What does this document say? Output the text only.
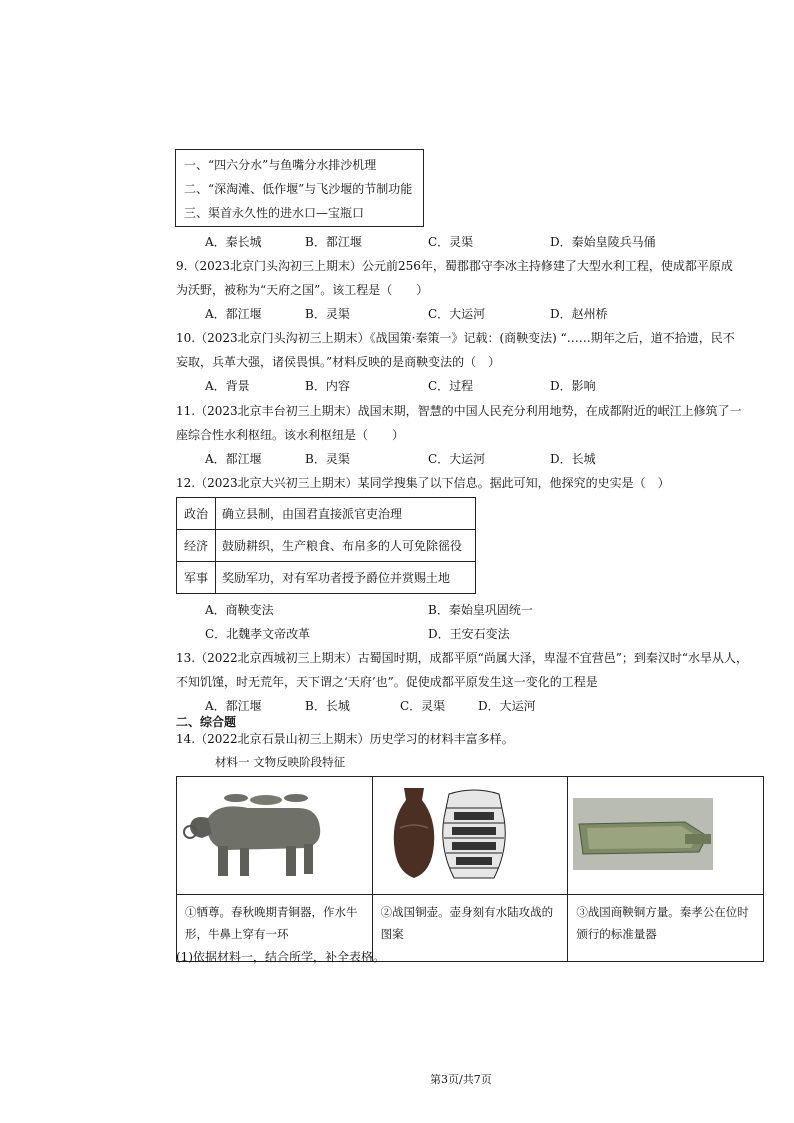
一、“四六分水”与鱼嘴分水排沙机理
二、“深淘滩、低作堰”与飞沙堰的节制功能
三、渠首永久性的进水口—宝瓶口
A．秦长城	B．都江堰	C．灵渠	D．秦始皇陵兵马俑
9.（2023北京门头沟初三上期末）公元前256年，蜀郡郡守李冰主持修建了大型水利工程，使成都平原成
为沃野，被称为“天府之国”。该工程是（　　）
A．都江堰	B．灵渠	C．大运河	D．赵州桥
10.（2023北京门头沟初三上期末）《战国策·秦策一》记载：(商鞅变法) “……期年之后，道不拾遗，民不
妄取，兵革大强，诸侯畏惧。”材料反映的是商鞅变法的（　）
A．背景	B．内容	C．过程	D．影响
11.（2023北京丰台初三上期末）战国末期，智慧的中国人民充分利用地势，在成都附近的岷江上修筑了一
座综合性水利枢纽。该水利枢纽是（　　）
A．都江堰	B．灵渠	C．大运河	D．长城
12.（2023北京大兴初三上期末）某同学搜集了以下信息。据此可知，他探究的史实是（　）
政治	确立县制，由国君直接派官吏治理
经济	鼓励耕织，生产粮食、布帛多的人可免除徭役
军事	奖励军功，对有军功者授予爵位并赏赐土地
A．商鞅变法	B．秦始皇巩固统一
C．北魏孝文帝改革	D．王安石变法
13.（2022北京西城初三上期末）古蜀国时期，成都平原“尚属大泽，卑湿不宜营邑”；到秦汉时“水旱从人，
不知饥馑，时无荒年，天下谓之‘天府’也”。促使成都平原发生这一变化的工程是
A．都江堰	B．长城	C．灵渠	D．大运河
二、综合题
14.（2022北京石景山初三上期末）历史学习的材料丰富多样。
材料一 文物反映阶段特征

①牺尊。春秋晚期青铜器，作水牛形，牛鼻上穿有一环	②战国铜壶。壶身刻有水陆攻战的图案	③战国商鞅铜方量。秦孝公在位时颁行的标准量器
(1)依据材料一，结合所学，补全表格。
第3页/共7页
